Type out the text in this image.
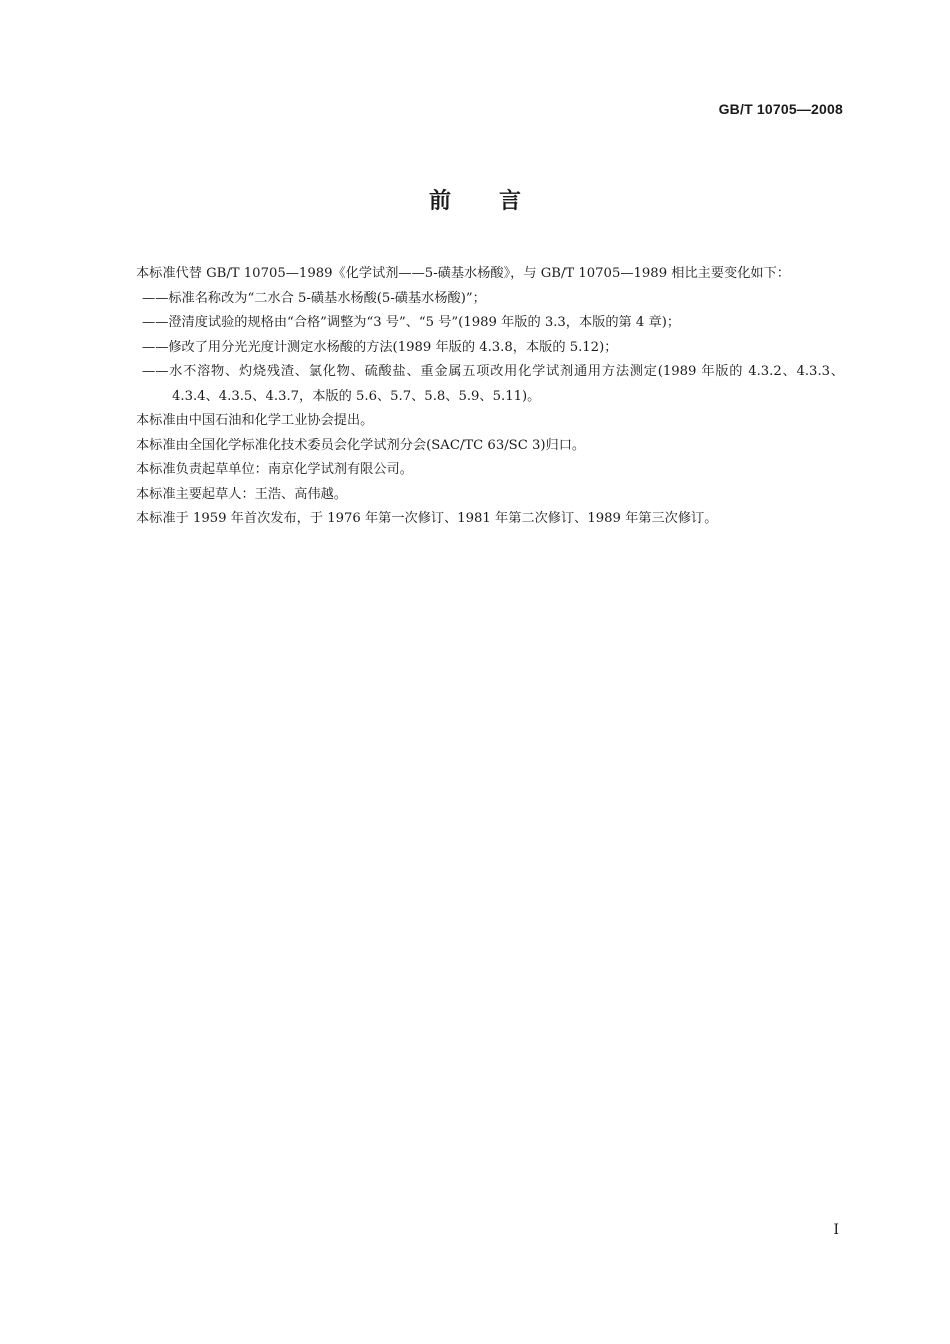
GB/T 10705—2008
前言

本标准代替 GB/T 10705—1989《化学试剂——5-磺基水杨酸》，与 GB/T 10705—1989 相比主要变化如下：

——标准名称改为“二水合 5-磺基水杨酸(5-磺基水杨酸)”；

——澄清度试验的规格由“合格”调整为“3 号”、“5 号”(1989 年版的 3.3，本版的第 4 章)；

——修改了用分光光度计测定水杨酸的方法(1989 年版的 4.3.8，本版的 5.12)；

——水不溶物、灼烧残渣、氯化物、硫酸盐、重金属五项改用化学试剂通用方法测定(1989 年版的 4.3.2、4.3.3、4.3.4、4.3.5、4.3.7，本版的 5.6、5.7、5.8、5.9、5.11)。

本标准由中国石油和化学工业协会提出。

本标准由全国化学标准化技术委员会化学试剂分会(SAC/TC 63/SC 3)归口。

本标准负责起草单位：南京化学试剂有限公司。

本标准主要起草人：王浩、高伟越。

本标准于 1959 年首次发布，于 1976 年第一次修订、1981 年第二次修订、1989 年第三次修订。

I
